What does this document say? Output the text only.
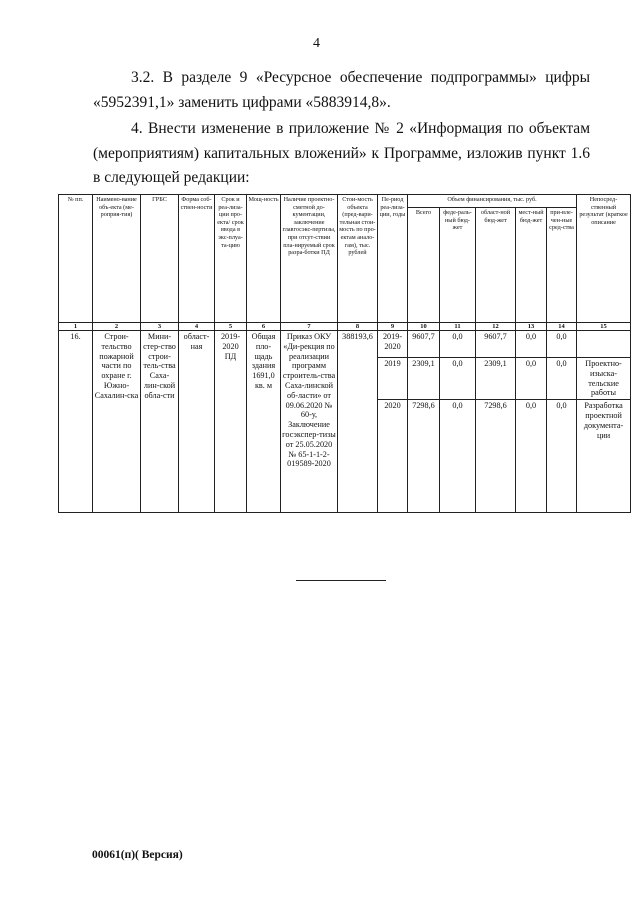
4

3.2. В разделе 9 «Ресурсное обеспечение подпрограммы» цифры «5952391,1» заменить цифрами «5883914,8».

4. Внести изменение в приложение № 2 «Информация по объектам (мероприятиям) капитальных вложений» к Программе, изложив пункт 1.6 в следующей редакции:

№ пп.	Наимено-вание объ-екта (ме-роприя-тия)	ГРБС	Форма соб-ствен-ности	Срок и реа-лиза-ции про-екта/ срок ввода в экс-плуа-та-цию	Мощ-ность	Наличие проектно-сметной до-кументации, заключение главгосэкс-пертизы, при отсут-ствии пла-нируемый срок разра-ботки ПД	Стои-мость объекта (пред-вари-тельная стои-мость по про-ектам анало-гам), тыс. рублей	Пе-риод реа-лиза-ции, годы	Объем финансирования, тыс. руб.					Непосред-ственный результат (краткое описание
									Всего	феде-раль-ный бюд-жет	област-ной бюд-жет	мест-ный бюд-жет	при-вле-чен-ные сред-ства	
1	2	3	4	5	6	7	8	9	10	11	12	13	14	15
16.	Строи-тельство пожарной части по охране г. Южно-Сахалин-ска	Мини-стер-ство строи-тель-ства Саха-лин-ской обла-сти	област-ная	2019-2020 ПД	Общая пло-щадь здания 1691,0 кв. м	Приказ ОКУ «Ди-рекция по реализации программ строитель-ства Саха-линской об-ласти» от 09.06.2020 № 60-у, Заключение госэкспер-тизы от 25.05.2020 № 65-1-1-2-019589-2020	388193,6	2019-2020	9607,7	0,0	9607,7	0,0	0,0	
								2019	2309,1	0,0	2309,1	0,0	0,0	Проектно-изыска-тельские работы
								2020	7298,6	0,0	7298,6	0,0	0,0	Разработка проектной документа-ции
00061(п)( Версия)
